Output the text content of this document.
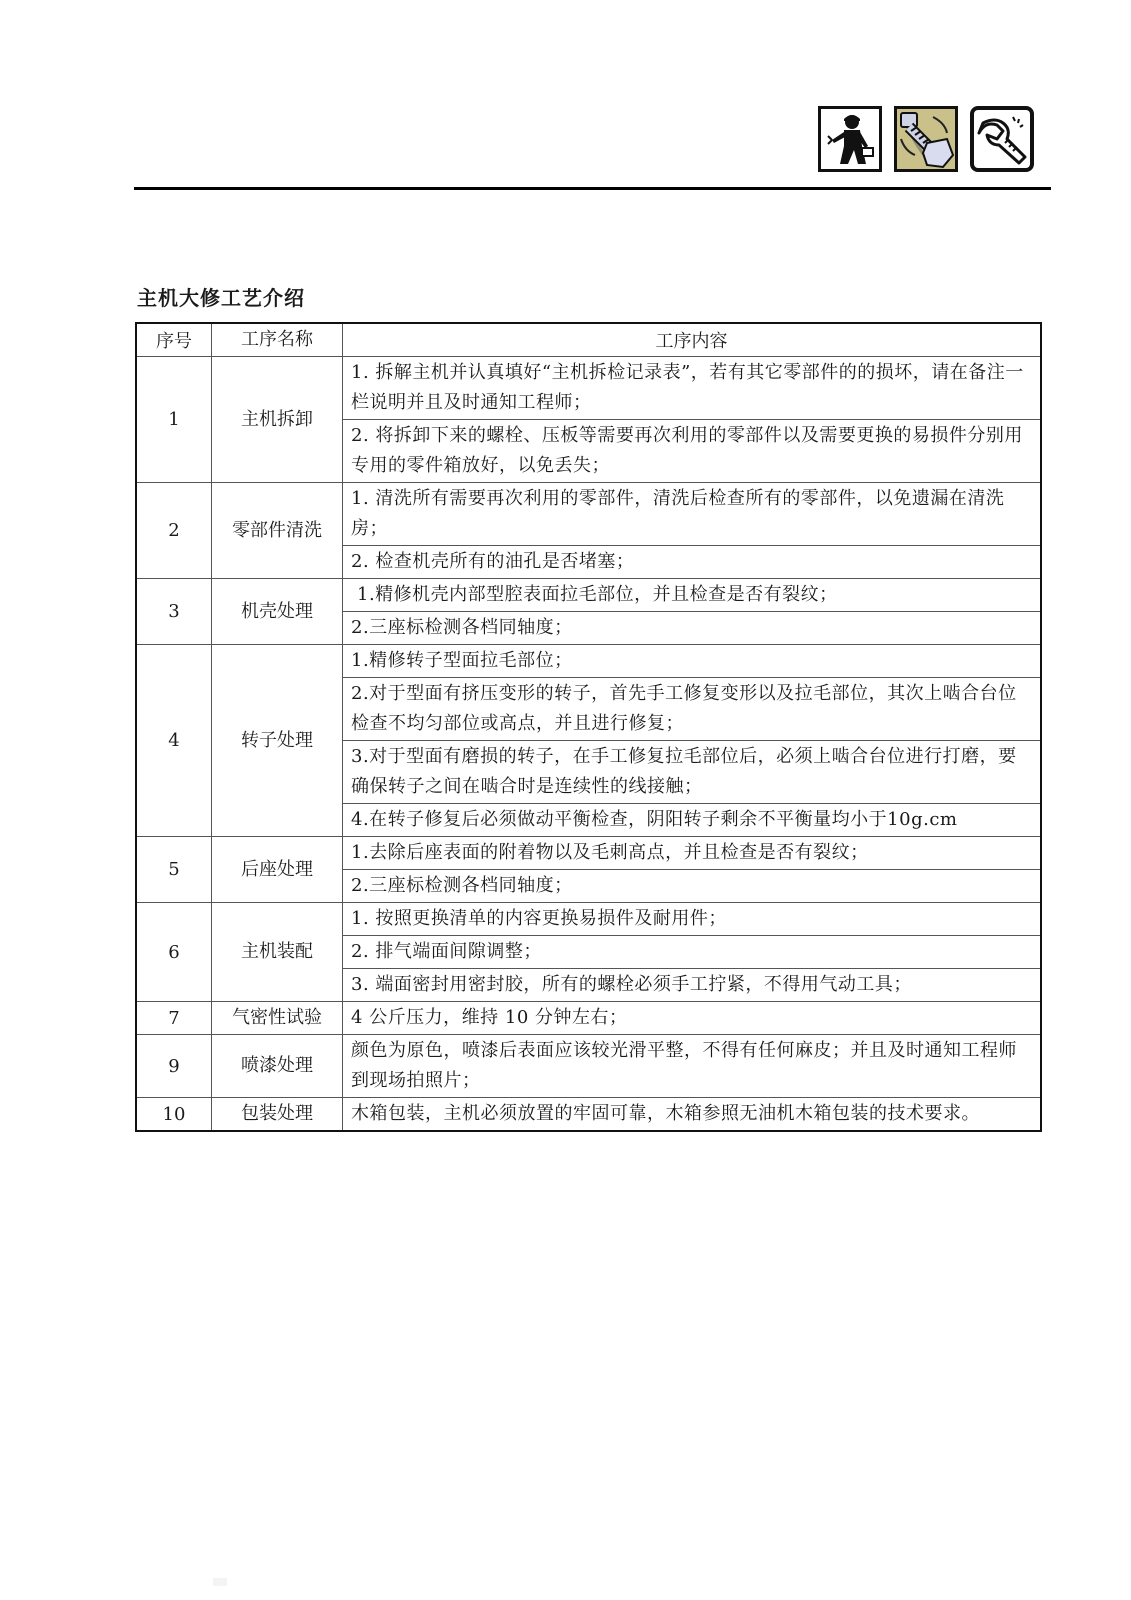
主机大修工艺介绍
序号	工序名称	工序内容
1	主机拆卸	1. 拆解主机并认真填好“主机拆检记录表”，若有其它零部件的的损坏，请在备注一栏说明并且及时通知工程师；
		2. 将拆卸下来的螺栓、压板等需要再次利用的零部件以及需要更换的易损件分别用专用的零件箱放好，以免丢失；
2	零部件清洗	1. 清洗所有需要再次利用的零部件，清洗后检查所有的零部件，以免遗漏在清洗房；
		2. 检查机壳所有的油孔是否堵塞；
3	机壳处理	1.精修机壳内部型腔表面拉毛部位，并且检查是否有裂纹；
		2.三座标检测各档同轴度；
4	转子处理	1.精修转子型面拉毛部位；
		2.对于型面有挤压变形的转子，首先手工修复变形以及拉毛部位，其次上啮合台位检查不均匀部位或高点，并且进行修复；
		3.对于型面有磨损的转子，在手工修复拉毛部位后，必须上啮合台位进行打磨，要确保转子之间在啮合时是连续性的线接触；
		4.在转子修复后必须做动平衡检查，阴阳转子剩余不平衡量均小于10g.cm
5	后座处理	1.去除后座表面的附着物以及毛刺高点，并且检查是否有裂纹；
		2.三座标检测各档同轴度；
6	主机装配	1. 按照更换清单的内容更换易损件及耐用件；
		2. 排气端面间隙调整；
		3. 端面密封用密封胶，所有的螺栓必须手工拧紧，不得用气动工具；
7	气密性试验	4 公斤压力，维持 10 分钟左右；
9	喷漆处理	颜色为原色，喷漆后表面应该较光滑平整，不得有任何麻皮；并且及时通知工程师到现场拍照片；
10	包装处理	木箱包装，主机必须放置的牢固可靠，木箱参照无油机木箱包装的技术要求。
